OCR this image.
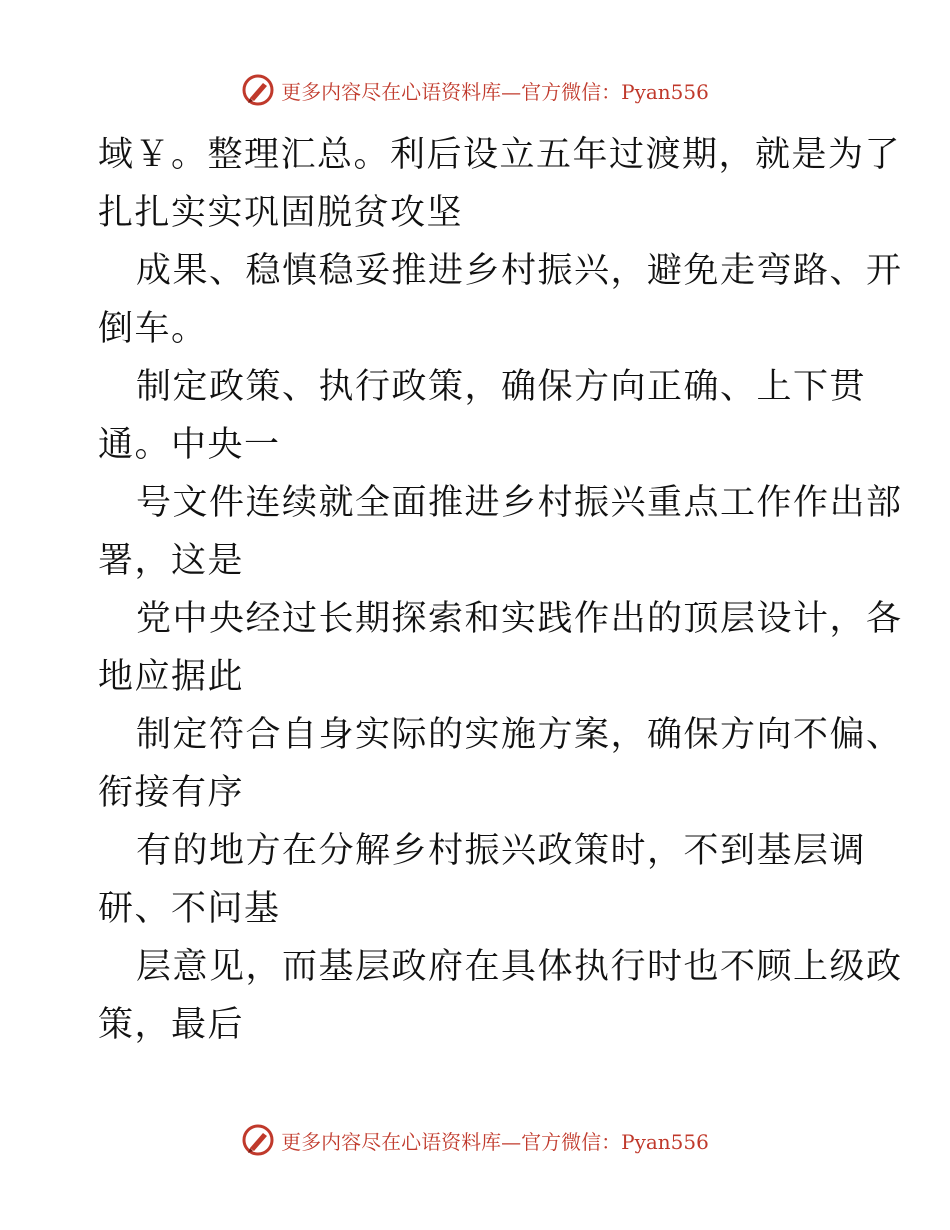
更多内容尽在心语资料库—官方微信：Pyan556

域￥。整理汇总。利后设立五年过渡期，就是为了
扎扎实实巩固脱贫攻坚

成果、稳慎稳妥推进乡村振兴，避免走弯路、开
倒车。

制定政策、执行政策，确保方向正确、上下贯
通。中央一

号文件连续就全面推进乡村振兴重点工作作出部
署，这是

党中央经过长期探索和实践作出的顶层设计，各
地应据此

制定符合自身实际的实施方案，确保方向不偏、
衔接有序

有的地方在分解乡村振兴政策时，不到基层调
研、不问基

层意见，而基层政府在具体执行时也不顾上级政
策，最后

更多内容尽在心语资料库—官方微信：Pyan556
